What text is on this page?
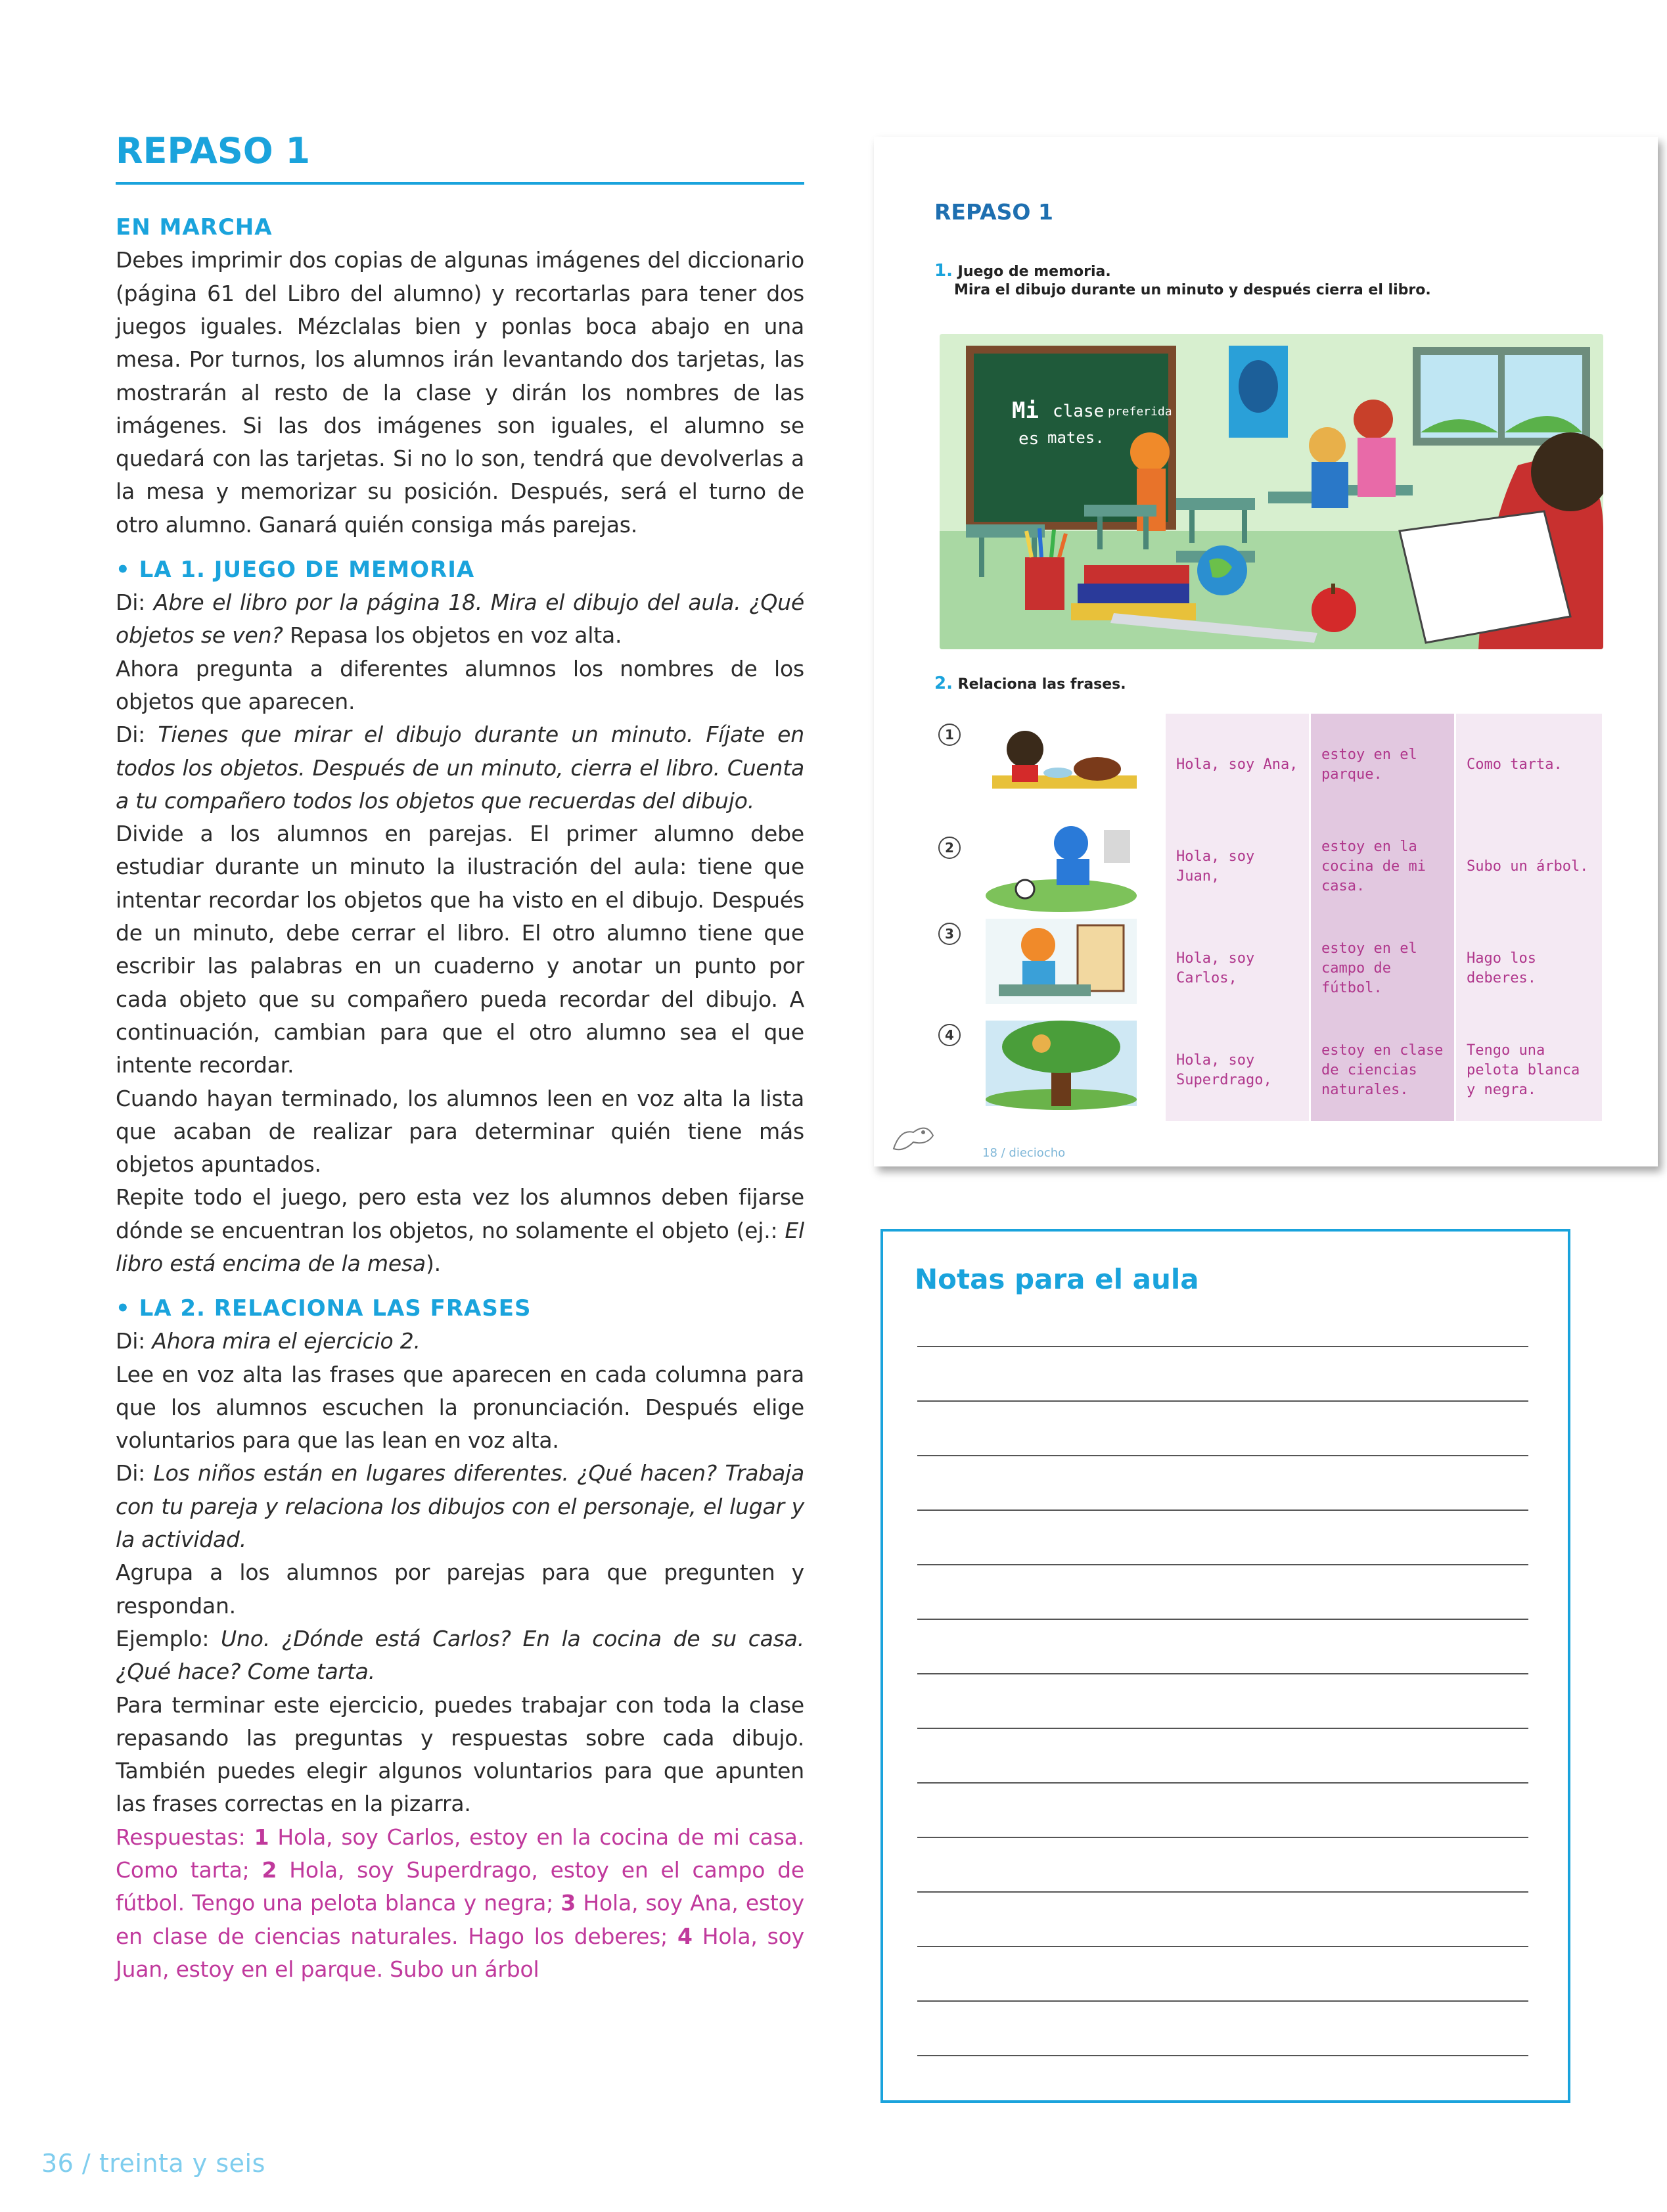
REPASO 1

EN MARCHA

Debes imprimir dos copias de algunas imágenes del diccionario (página 61 del Libro del alumno) y recortarlas para tener dos juegos iguales. Mézclalas bien y ponlas boca abajo en una mesa. Por turnos, los alumnos irán levantando dos tarjetas, las mostrarán al resto de la clase y dirán los nombres de las imágenes. Si las dos imágenes son iguales, el alumno se quedará con las tarjetas. Si no lo son, tendrá que devolverlas a la mesa y memorizar su posición. Después, será el turno de otro alumno. Ganará quién consiga más parejas.

• LA 1. JUEGO DE MEMORIA

Di: Abre el libro por la página 18. Mira el dibujo del aula. ¿Qué objetos se ven? Repasa los objetos en voz alta.

Ahora pregunta a diferentes alumnos los nombres de los objetos que aparecen.

Di: Tienes que mirar el dibujo durante un minuto. Fíjate en todos los objetos. Después de un minuto, cierra el libro. Cuenta a tu compañero todos los objetos que recuerdas del dibujo.

Divide a los alumnos en parejas. El primer alumno debe estudiar durante un minuto la ilustración del aula: tiene que intentar recordar los objetos que ha visto en el dibujo. Después de un minuto, debe cerrar el libro. El otro alumno tiene que escribir las palabras en un cuaderno y anotar un punto por cada objeto que su compañero pueda recordar del dibujo. A continuación, cambian para que el otro alumno sea el que intente recordar.

Cuando hayan terminado, los alumnos leen en voz alta la lista que acaban de realizar para determinar quién tiene más objetos apuntados.

Repite todo el juego, pero esta vez los alumnos deben fijarse dónde se encuentran los objetos, no solamente el objeto (ej.: El libro está encima de la mesa).

• LA 2. RELACIONA LAS FRASES

Di: Ahora mira el ejercicio 2.

Lee en voz alta las frases que aparecen en cada columna para que los alumnos escuchen la pronunciación. Después elige voluntarios para que las lean en voz alta.

Di: Los niños están en lugares diferentes. ¿Qué hacen? Trabaja con tu pareja y relaciona los dibujos con el personaje, el lugar y la actividad.

Agrupa a los alumnos por parejas para que pregunten y respondan.

Ejemplo: Uno. ¿Dónde está Carlos? En la cocina de su casa. ¿Qué hace? Come tarta.

Para terminar este ejercicio, puedes trabajar con toda la clase repasando las preguntas y respuestas sobre cada dibujo. También puedes elegir algunos voluntarios para que apunten las frases correctas en la pizarra.

Respuestas: 1 Hola, soy Carlos, estoy en la cocina de mi casa. Como tarta; 2 Hola, soy Superdrago, estoy en el campo de fútbol. Tengo una pelota blanca y negra; 3 Hola, soy Ana, estoy en clase de ciencias naturales. Hago los deberes; 4 Hola, soy Juan, estoy en el parque. Subo un árbol

36 / treinta y seis
REPASO 1
1. Juego de memoria.
Mira el dibujo durante un minuto y después cierra el libro.
Mi clase preferida
es mates.
2. Relaciona las frases.
1
2
3
4
Hola, soy Ana,
estoy en el parque.
Como tarta.
Hola, soy Juan,
estoy en la cocina de mi casa.
Subo un árbol.
Hola, soy Carlos,
estoy en el campo de fútbol.
Hago los deberes.
Hola, soy Superdrago,
estoy en clase de ciencias naturales.
Tengo una pelota blanca y negra.
18 / dieciocho
Notas para el aula
